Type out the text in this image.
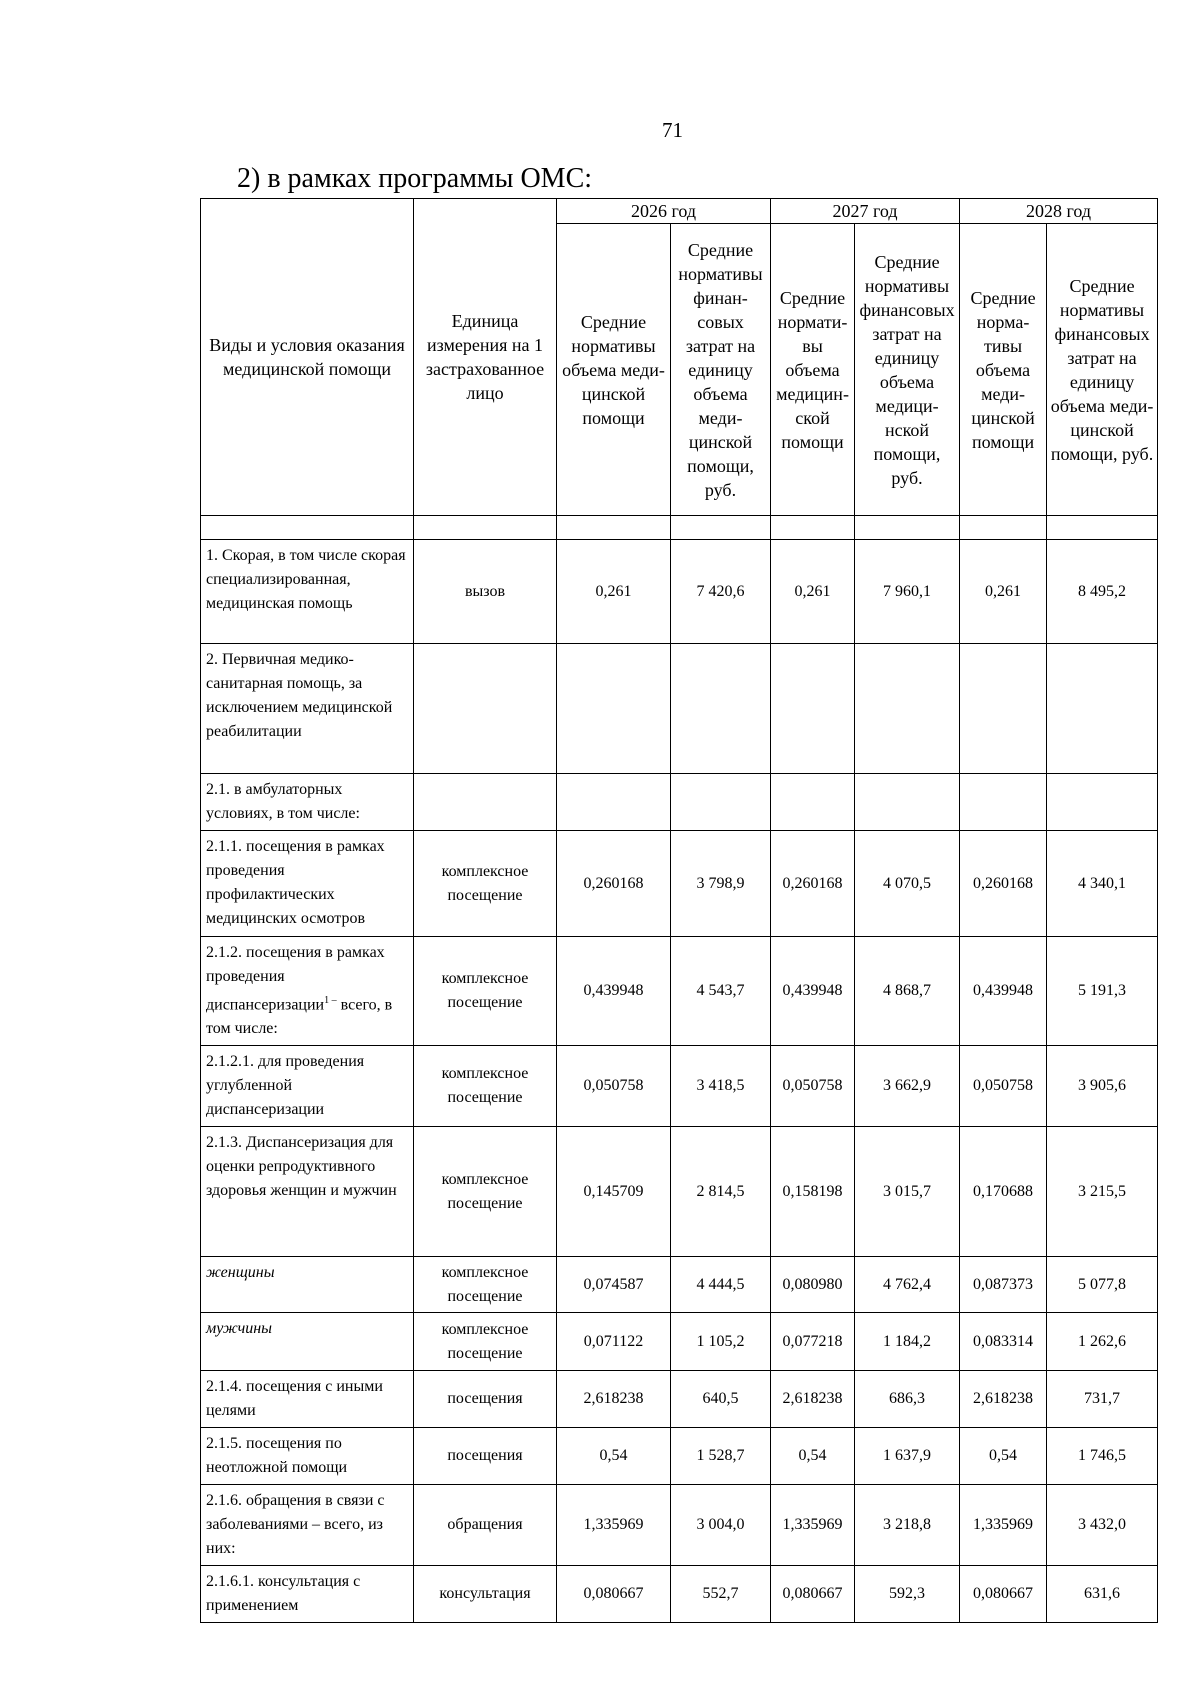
71
2) в рамках программы ОМС:
Виды и условия оказания медицинской помощи	Единица измерения на 1 застрахованное лицо	2026 год		2027 год		2028 год	
		Средние нормативы объема медицинской помощи	Средние нормативы финансовых затрат на единицу объема медицинской помощи, руб.	Средние нормативы объема медицинской помощи	Средние нормативы финансовых затрат на единицу объема медицинской помощи, руб.	Средние нормативы объема медицинской помощи	Средние нормативы финансовых затрат на единицу объема медицинской помощи, руб.

1. Скорая, в том числе скорая специализированная, медицинская помощь	вызов	0,261	7 420,6	0,261	7 960,1	0,261	8 495,2
2. Первичная медико-санитарная помощь, за исключением медицинской реабилитации							
2.1. в амбулаторных условиях, в том числе:							
2.1.1. посещения в рамках проведения профилактических медицинских осмотров	комплексное посещение	0,260168	3 798,9	0,260168	4 070,5	0,260168	4 340,1
2.1.2. посещения в рамках проведения диспансеризации$^{1 -}$ всего, в том числе:	комплексное посещение	0,439948	4 543,7	0,439948	4 868,7	0,439948	5 191,3
2.1.2.1. для проведения углубленной диспансеризации	комплексное посещение	0,050758	3 418,5	0,050758	3 662,9	0,050758	3 905,6
2.1.3. Диспансеризация для оценки репродуктивного здоровья женщин и мужчин	комплексное посещение	0,145709	2 814,5	0,158198	3 015,7	0,170688	3 215,5
женщины	комплексное посещение	0,074587	4 444,5	0,080980	4 762,4	0,087373	5 077,8
мужчины	комплексное посещение	0,071122	1 105,2	0,077218	1 184,2	0,083314	1 262,6
2.1.4. посещения с иными целями	посещения	2,618238	640,5	2,618238	686,3	2,618238	731,7
2.1.5. посещения по неотложной помощи	посещения	0,54	1 528,7	0,54	1 637,9	0,54	1 746,5
2.1.6. обращения в связи с заболеваниями – всего, из них:	обращения	1,335969	3 004,0	1,335969	3 218,8	1,335969	3 432,0
2.1.6.1. консультация с применением	консультация	0,080667	552,7	0,080667	592,3	0,080667	631,6
